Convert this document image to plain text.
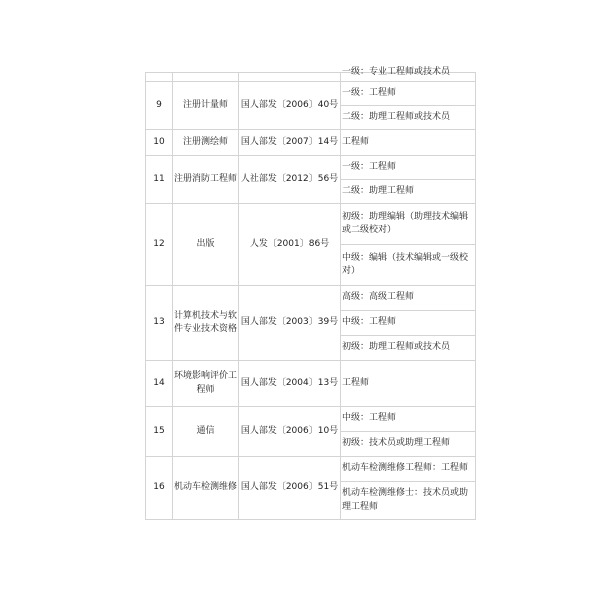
			一级：专业工程师或技术员

9	注册计量师	国人部发〔2006〕40号	一级：工程师
			二级：助理工程师或技术员
10	注册测绘师	国人部发〔2007〕14号	工程师
11	注册消防工程师	人社部发〔2012〕56号	一级：工程师
			二级：助理工程师
12	出版	人发〔2001〕86号	初级：助理编辑（助理技术编辑或二级校对）
			中级：编辑（技术编辑或一级校对）
13	计算机技术与软件专业技术资格	国人部发〔2003〕39号	高级：高级工程师
			中级：工程师
			初级：助理工程师或技术员
14	环境影响评价工程师	国人部发〔2004〕13号	工程师
15	通信	国人部发〔2006〕10号	中级：工程师
			初级：技术员或助理工程师
16	机动车检测维修	国人部发〔2006〕51号	机动车检测维修工程师：工程师
			机动车检测维修士：技术员或助理工程师
